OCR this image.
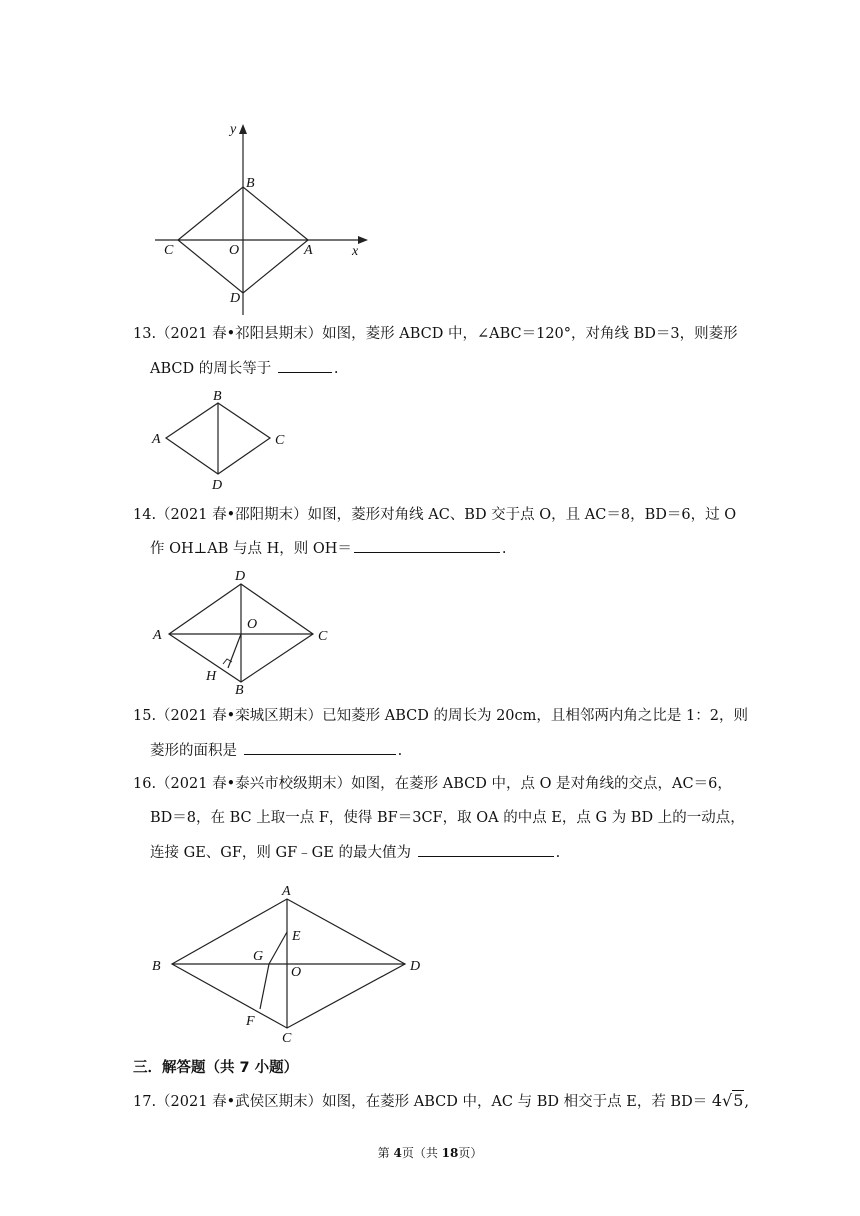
y
x
B
C	O	A
D
13.（2021 春•祁阳县期末）如图，菱形 ABCD 中，∠ABC＝120°，对角线 BD＝3，则菱形
ABCD 的周长等于	.
B
A	C
D
14.（2021 春•邵阳期末）如图，菱形对角线 AC、BD 交于点 O，且 AC＝8，BD＝6，过 O
作 OH⊥AB 与点 H，则 OH＝	.
D
A
O
C
H
B
15.（2021 春•栾城区期末）已知菱形 ABCD 的周长为 20cm，且相邻两内角之比是 1：2，则
菱形的面积是	.
16.（2021 春•泰兴市校级期末）如图，在菱形 ABCD 中，点 O 是对角线的交点，AC＝6，
BD＝8，在 BC 上取一点 F，使得 BF＝3CF，取 OA 的中点 E，点 G 为 BD 上的一动点，
连接 GE、GF，则 GF﹣GE 的最大值为	.
A
E
G
O
B	D
F
C
三．解答题（共 7 小题）
17.（2021 春•武侯区期末）如图，在菱形 ABCD 中，AC 与 BD 相交于点 E，若 BD＝ 4√5,
第 4页（共 18页）
